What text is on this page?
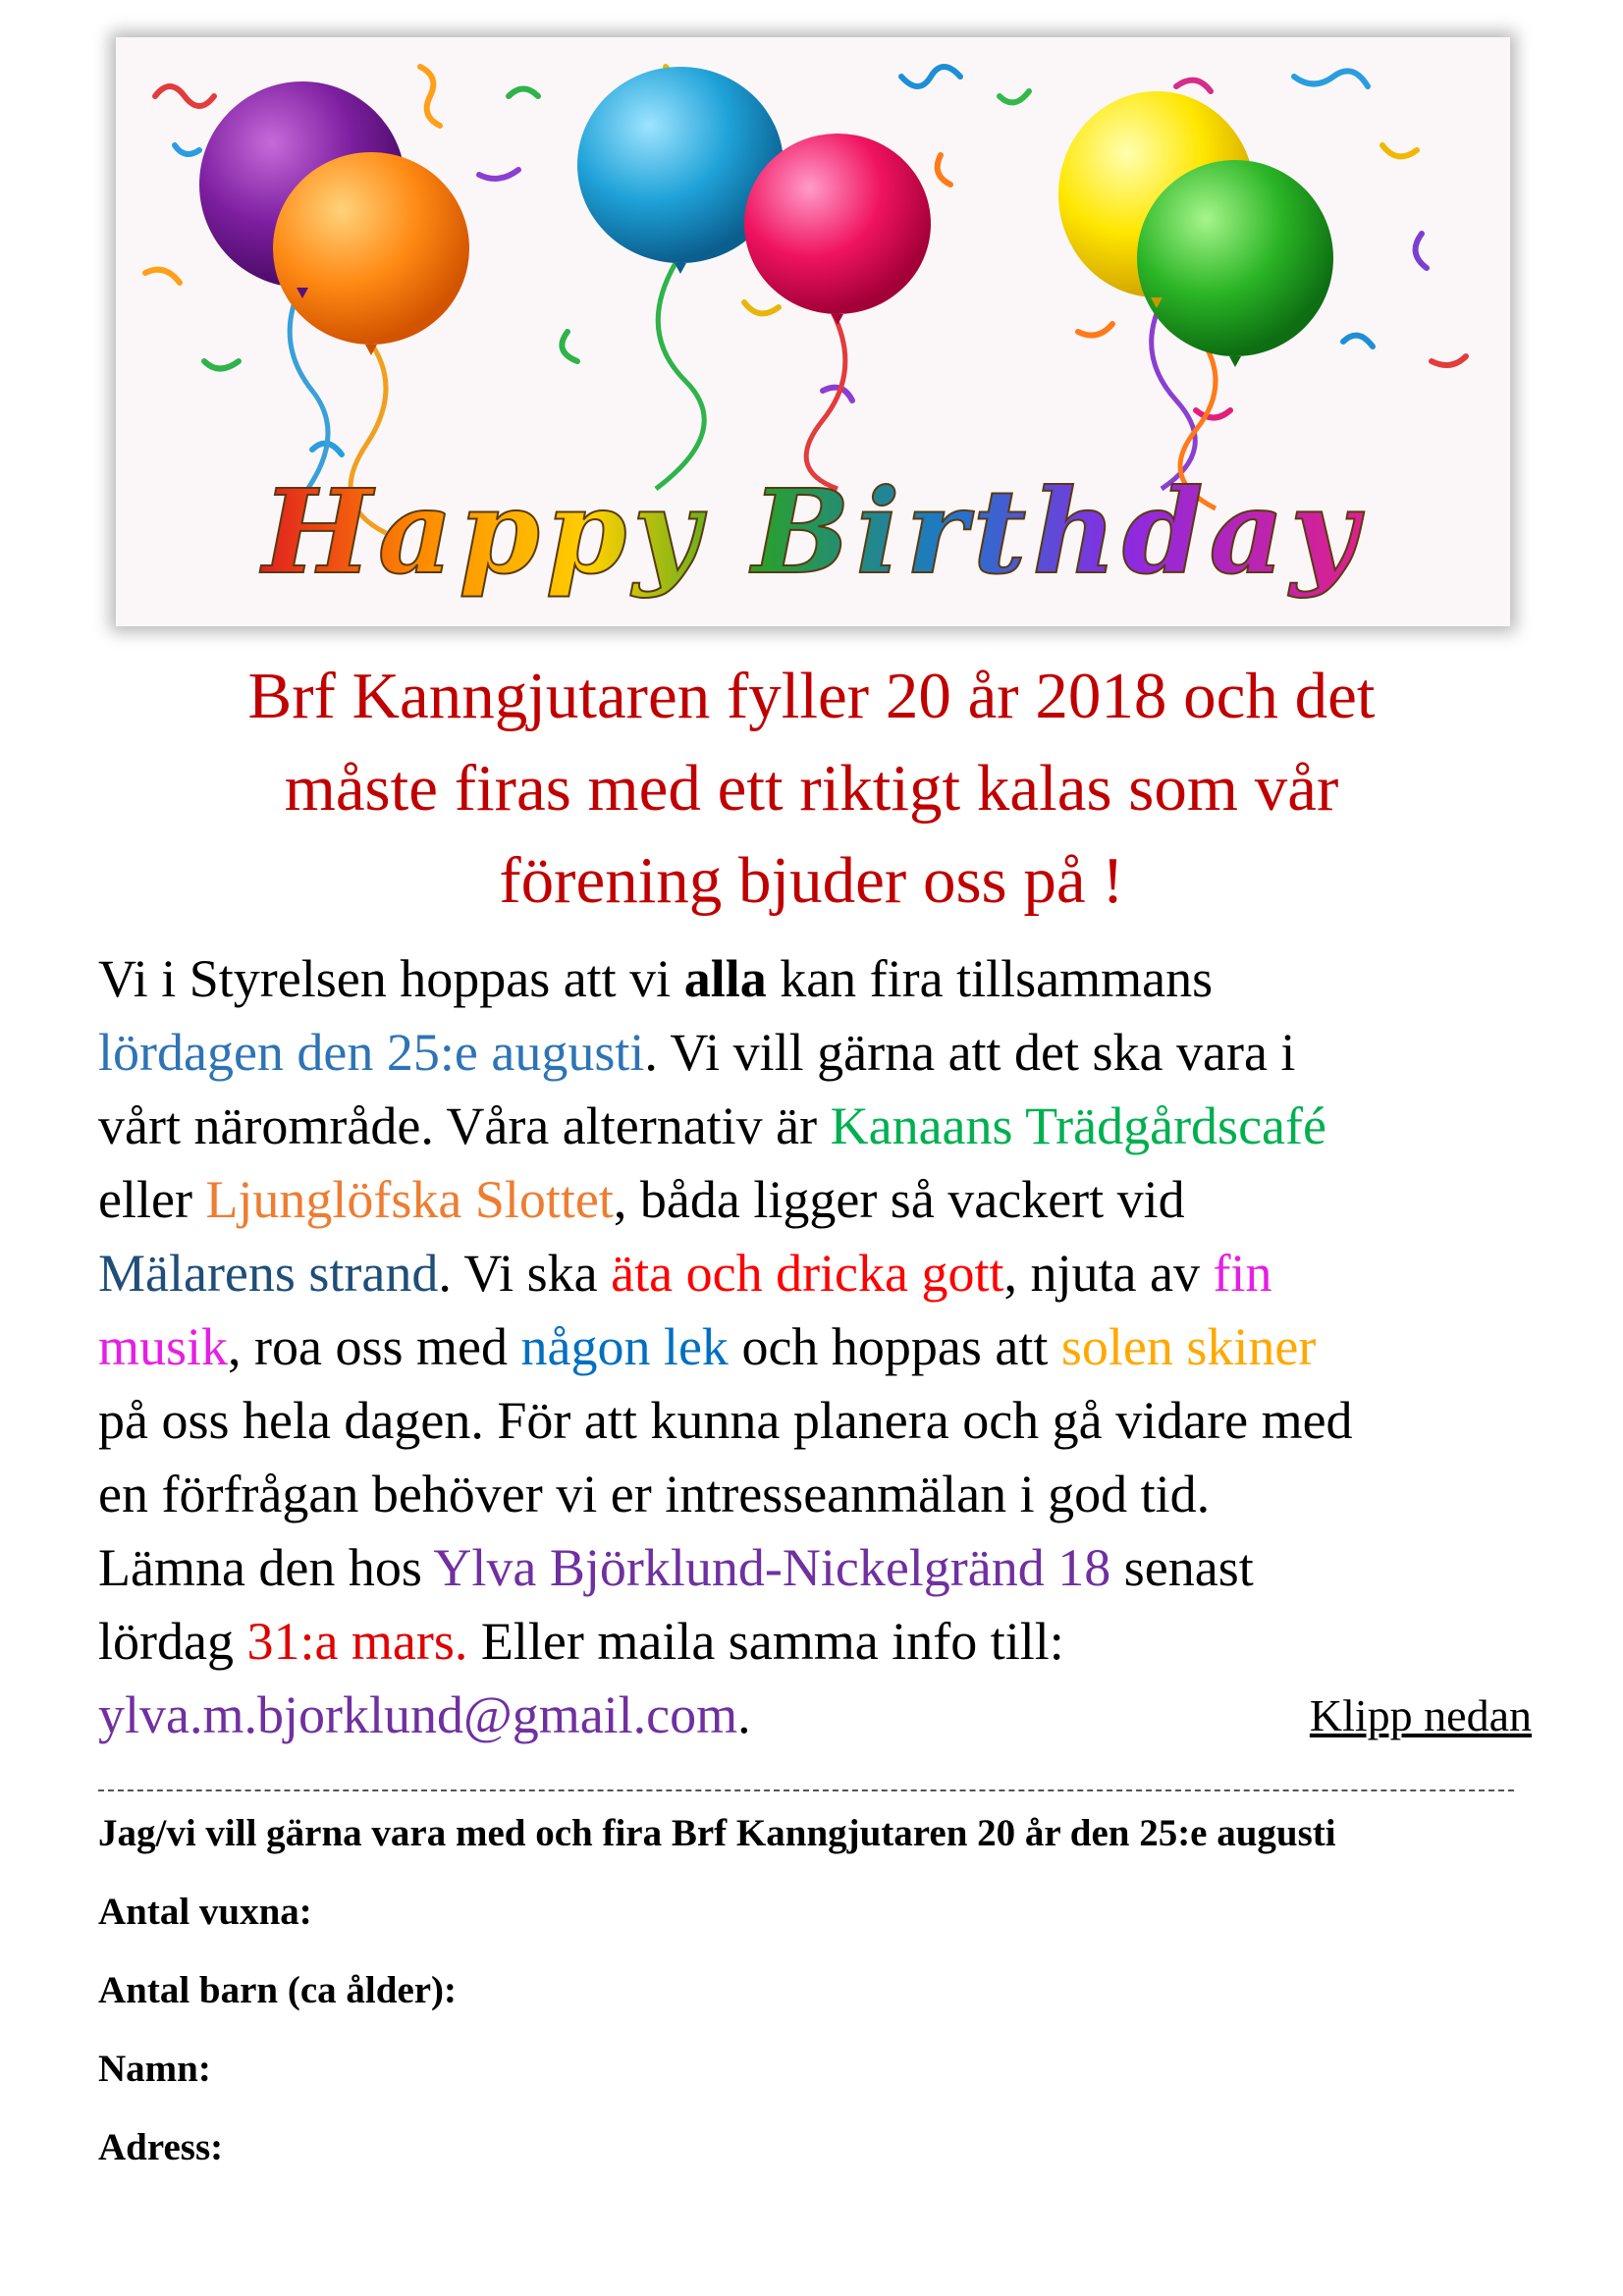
Happy Birthday
Brf Kanngjutaren fyller 20 år 2018 och det
måste firas med ett riktigt kalas som vår
förening bjuder oss på !
Vi i Styrelsen hoppas att vi alla kan fira tillsammans
lördagen den 25:e augusti. Vi vill gärna att det ska vara i
vårt närområde. Våra alternativ är Kanaans Trädgårdscafé
eller Ljunglöfska Slottet, båda ligger så vackert vid
Mälarens strand. Vi ska äta och dricka gott, njuta av fin
musik, roa oss med någon lek och hoppas att solen skiner
på oss hela dagen. För att kunna planera och gå vidare med
en förfrågan behöver vi er intresseanmälan i god tid.
Lämna den hos Ylva Björklund-Nickelgränd 18 senast
lördag 31:a mars. Eller maila samma info till:
ylva.m.bjorklund@gmail.com.	Klipp nedan
Jag/vi vill gärna vara med och fira Brf Kanngjutaren 20 år den 25:e augusti
Antal vuxna:
Antal barn (ca ålder):
Namn:
Adress:
